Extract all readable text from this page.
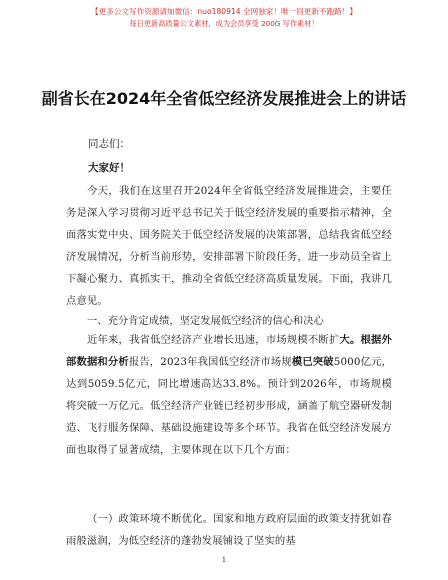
【更多公文写作资源请加微信：nuo180914 全网独家！唯一回更新不跑路！】
每日更新高质量公文素材，成为会员享受 200G 写作素材！
副省长在2024年全省低空经济发展推进会上的讲话
同志们：
大家好！
今天，我们在这里召开2024年全省低空经济发展推进会，主要任务是深入学习贯彻习近平总书记关于低空经济发展的重要指示精神，全面落实党中央、国务院关于低空经济发展的决策部署，总结我省低空经济发展情况，分析当前形势，安排部署下阶段任务，进一步动员全省上下凝心聚力、真抓实干，推动全省低空经济高质量发展。下面，我讲几点意见。
一、充分肯定成绩，坚定发展低空经济的信心和决心
近年来，我省低空经济产业增长迅速，市场规模不断扩大。根据外部数据和分析报告，2023年我国低空经济市场规模已突破5000亿元，达到5059.5亿元，同比增速高达33.8%。预计到2026年，市场规模将突破一万亿元。低空经济产业链已经初步形成，涵盖了航空器研发制造、飞行服务保障、基础设施建设等多个环节。我省在低空经济发展方面也取得了显著成绩，主要体现在以下几个方面：
（一）政策环境不断优化。国家和地方政府层面的政策支持犹如春雨般滋润，为低空经济的蓬勃发展铺设了坚实的基
1
